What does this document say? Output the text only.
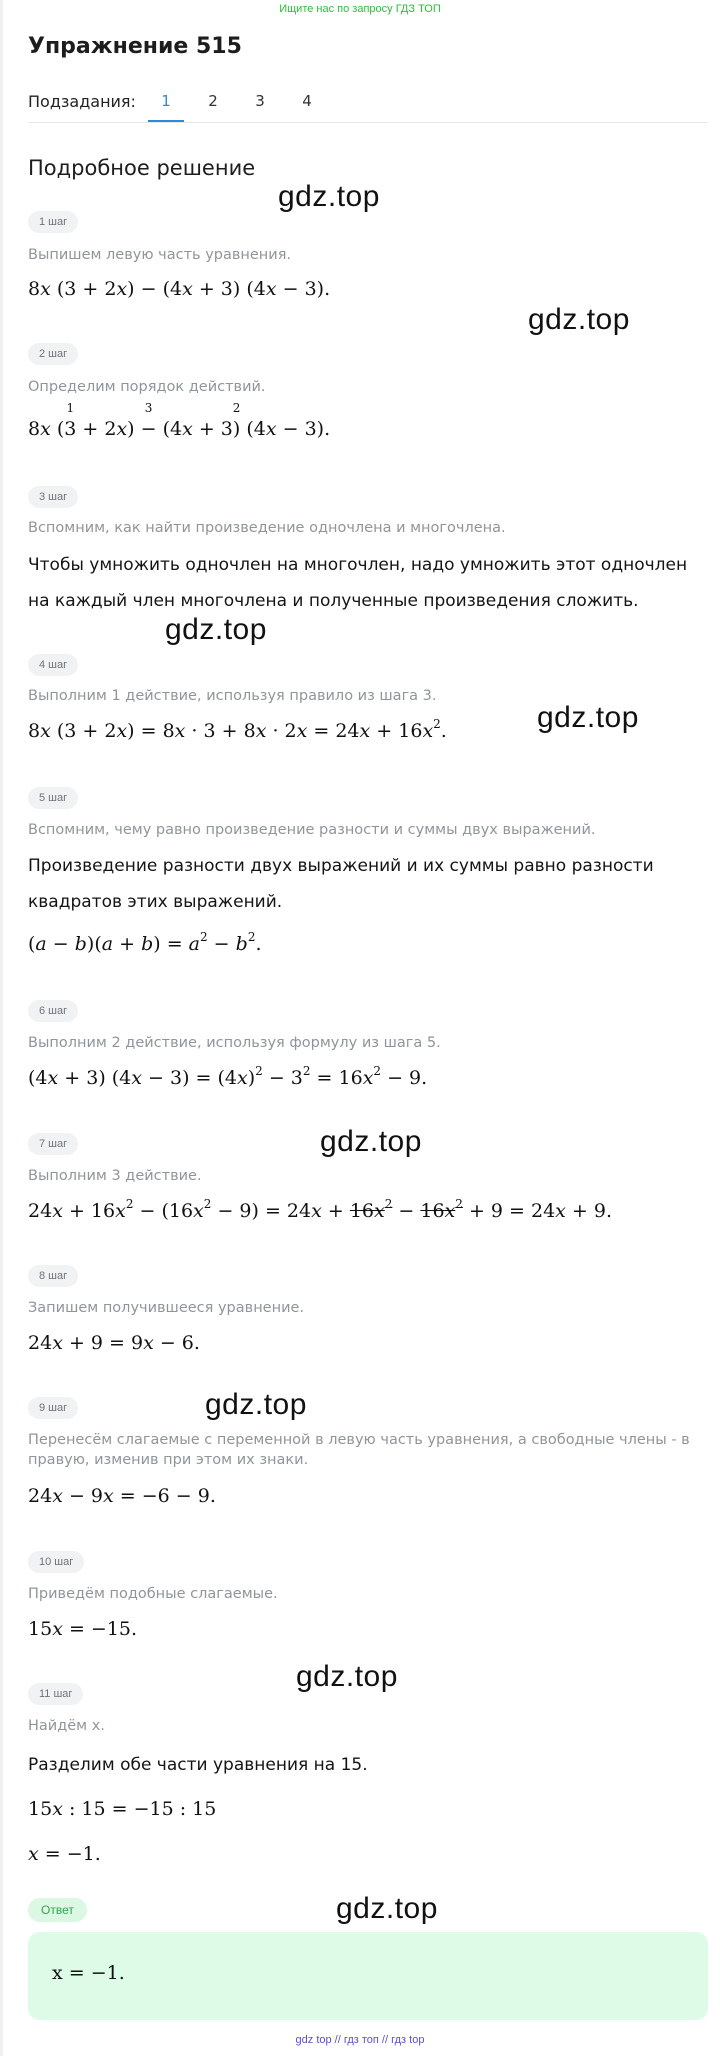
Ищите нас по запросу ГДЗ ТОП
Упражнение 515
Подзадания:	1	2	3	4
Подробное решение
1 шаг
Выпишем левую часть уравнения.
8x (3 + 2x) − (4x + 3) (4x − 3).
2 шаг
Определим порядок действий.
8x (
1
3 + 2x)
3
− (4x + 3
2
) (4x − 3).
3 шаг
Вспомним, как найти произведение одночлена и многочлена.
Чтобы умножить одночлен на многочлен, надо умножить этот одночлен на каждый член многочлена и полученные произведения сложить.
4 шаг
Выполним 1 действие, используя правило из шага 3.
8x $(3 + 2x) = 8x \cdot 3 + 8x \cdot 2x = 24x + 16x^2$.
5 шаг
Вспомним, чему равно произведение разности и суммы двух выражений.
Произведение разности двух выражений и их суммы равно разности квадратов этих выражений.
$(a - b)(a + b) = a^2 - b^2$.
6 шаг
Выполним 2 действие, используя формулу из шага 5.
(4x + 3) $(4x - 3) = (4x)^2 - 3^2 = 16x^2 - 9$.
7 шаг
Выполним 3 действие.
$24x + 16x^2 - (16x^2 - 9) = 24x + 16x^2 - 16x^2 + 9 = 24x + 9$.
8 шаг
Запишем получившееся уравнение.
24x + 9 = 9x − 6.
9 шаг
Перенесём слагаемые с переменной в левую часть уравнения, а свободные члены - в правую, изменив при этом их знаки.
24x − 9x = −6 − 9.
10 шаг
Приведём подобные слагаемые.
15x = −15.
11 шаг
Найдём x.
Разделим обе части уравнения на 15.
15x : 15 = −15 : 15
x = −1.
Ответ
x = −1.
gdz.top
gdz.top
gdz.top
gdz.top
gdz.top
gdz.top
gdz.top
gdz.top
gdz top // гдз топ // гдз top
